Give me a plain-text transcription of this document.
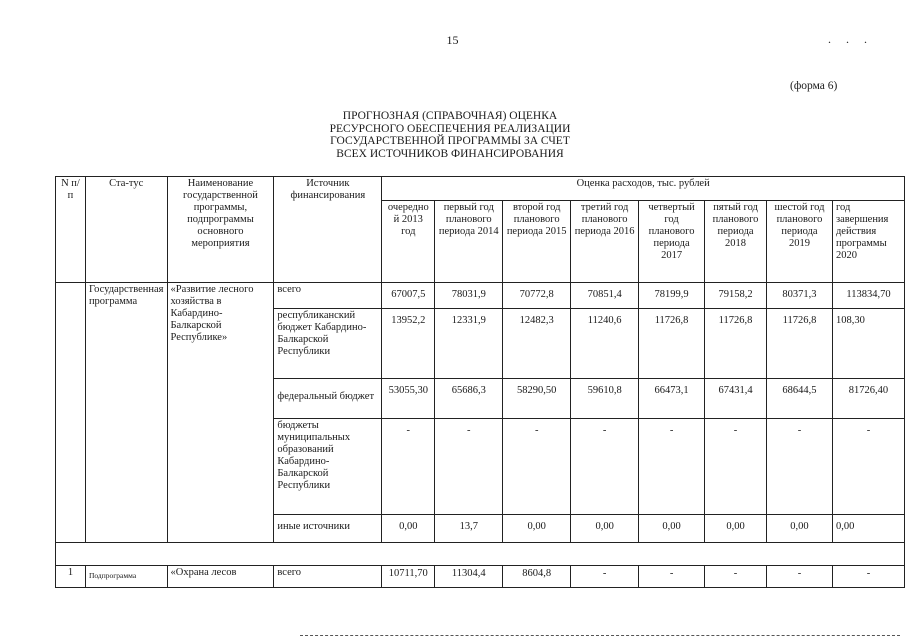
15	. . .
(форма 6)
ПРОГНОЗНАЯ (СПРАВОЧНАЯ) ОЦЕНКА
РЕСУРСНОГО ОБЕСПЕЧЕНИЯ РЕАЛИЗАЦИИ
ГОСУДАРСТВЕННОЙ ПРОГРАММЫ ЗА СЧЕТ
ВСЕХ ИСТОЧНИКОВ ФИНАНСИРОВАНИЯ
N п/п	Ста-тус	Наименование государственной программы, подпрограммы основного мероприятия	Источник финансирования	Оценка расходов, тыс. рублей							
				очередно й 2013 год	первый год планового периода 2014	второй год планового периода 2015	третий год планового периода 2016	четвертый год планового периода 2017	пятый год планового периода 2018	шестой год планового периода 2019	год завершения действия программы 2020
	Государственная программа	«Развитие лесного хозяйства в Кабардино-Балкарской Республике»	всего	67007,5	78031,9	70772,8	70851,4	78199,9	79158,2	80371,3	113834,70
			республиканский бюджет Кабардино-Балкарской Республики	13952,2	12331,9	12482,3	11240,6	11726,8	11726,8	11726,8	108,30
			федеральный бюджет	53055,30	65686,3	58290,50	59610,8	66473,1	67431,4	68644,5	81726,40
			бюджеты муниципальных образований Кабардино-Балкарской Республики	-	-	-	-	-	-	-	-
			иные источники	0,00	13,7	0,00	0,00	0,00	0,00	0,00	0,00

1	Подпрограмма	«Охрана лесов	всего	10711,70	11304,4	8604,8	-	-	-	-	-
